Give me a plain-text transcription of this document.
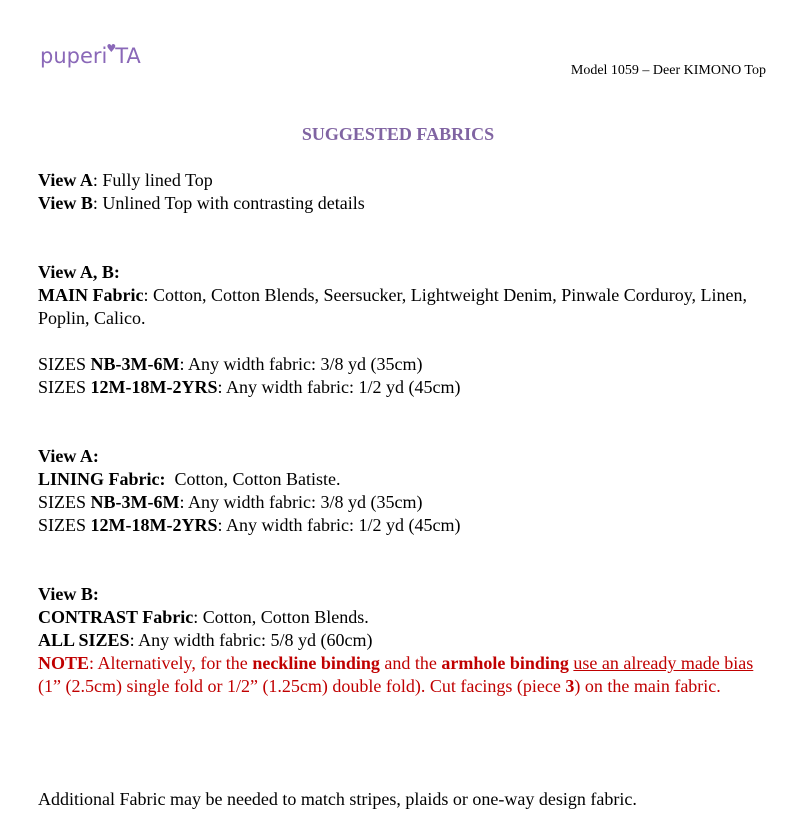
puperi♥TA
Model 1059 – Deer KIMONO Top
SUGGESTED FABRICS

View A: Fully lined Top

View B: Unlined Top with contrasting details

View A, B:

MAIN Fabric: Cotton, Cotton Blends, Seersucker, Lightweight Denim, Pinwale Corduroy, Linen, Poplin, Calico.

SIZES NB-3M-6M: Any width fabric: 3/8 yd (35cm)

SIZES 12M-18M-2YRS: Any width fabric: 1/2 yd (45cm)

View A:

LINING Fabric:  Cotton, Cotton Batiste.

SIZES NB-3M-6M: Any width fabric: 3/8 yd (35cm)

SIZES 12M-18M-2YRS: Any width fabric: 1/2 yd (45cm)

View B:

CONTRAST Fabric: Cotton, Cotton Blends.

ALL SIZES: Any width fabric: 5/8 yd (60cm)

NOTE: Alternatively, for the neckline binding and the armhole binding use an already made bias (1” (2.5cm) single fold or 1/2” (1.25cm) double fold). Cut facings (piece 3) on the main fabric.

Additional Fabric may be needed to match stripes, plaids or one-way design fabric.
